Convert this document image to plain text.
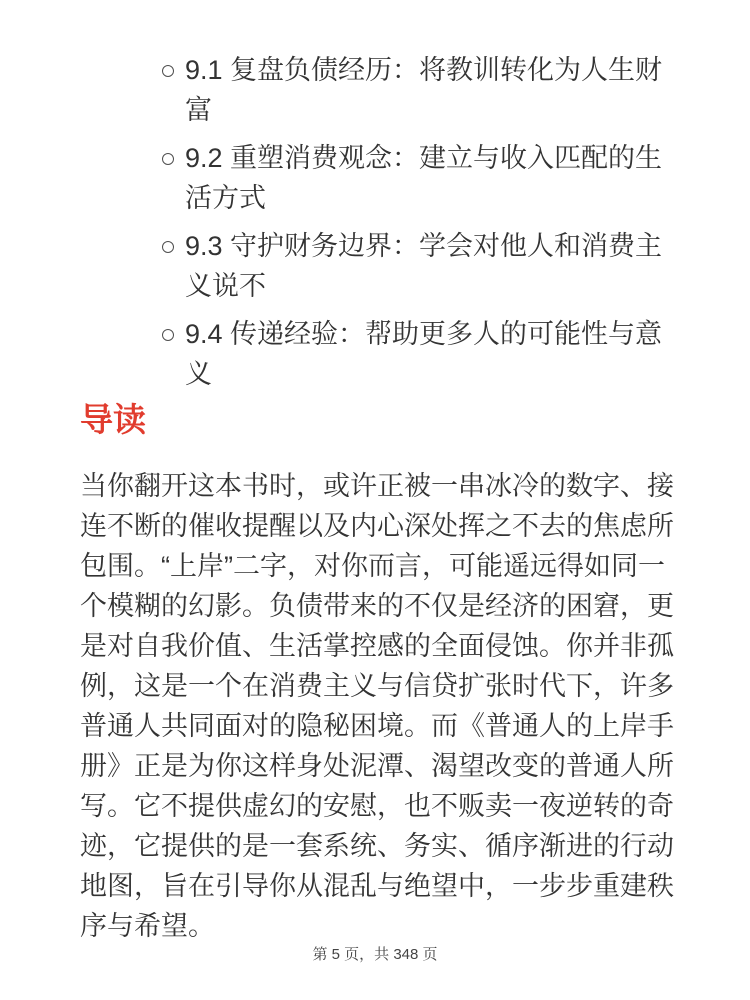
9.1 复盘负债经历：将教训转化为人生财富
9.2 重塑消费观念：建立与收入匹配的生活方式
9.3 守护财务边界：学会对他人和消费主义说不
9.4 传递经验：帮助更多人的可能性与意义
导读

当你翻开这本书时，或许正被一串冰冷的数字、接连不断的催收提醒以及内心深处挥之不去的焦虑所包围。“上岸”二字，对你而言，可能遥远得如同一个模糊的幻影。负债带来的不仅是经济的困窘，更是对自我价值、生活掌控感的全面侵蚀。你并非孤例，这是一个在消费主义与信贷扩张时代下，许多普通人共同面对的隐秘困境。而《普通人的上岸手册》正是为你这样身处泥潭、渴望改变的普通人所写。它不提供虚幻的安慰，也不贩卖一夜逆转的奇迹，它提供的是一套系统、务实、循序渐进的行动地图，旨在引导你从混乱与绝望中，一步步重建秩序与希望。

第 5 页，共 348 页
